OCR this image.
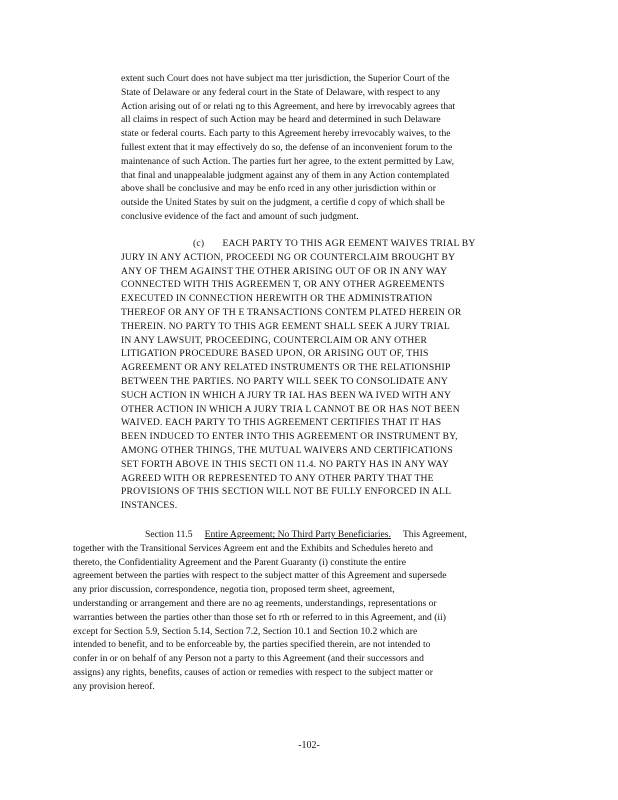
extent such Court does not have subject ma tter jurisdiction, the Superior Court of the
State of Delaware or any federal court in the State of Delaware, with respect to any
Action arising out of or relati ng to this Agreement, and here by irrevocably agrees that
all claims in respect of such Action may be heard and determined in such Delaware
state or federal courts. Each party to this Agreement hereby irrevocably waives, to the
fullest extent that it may effectively do so, the defense of an inconvenient forum to the
maintenance of such Action. The parties furt her agree, to the extent permitted by Law,
that final and unappealable judgment against any of them in any Action contemplated
above shall be conclusive and may be enfo rced in any other jurisdiction within or
outside the United States by suit on the judgment, a certifie d copy of which shall be
conclusive evidence of the fact and amount of such judgment.
(c) EACH PARTY TO THIS AGR EEMENT WAIVES TRIAL BY
JURY IN ANY ACTION, PROCEEDI NG OR COUNTERCLAIM BROUGHT BY
ANY OF THEM AGAINST THE OTHER ARISING OUT OF OR IN ANY WAY
CONNECTED WITH THIS AGREEMEN T, OR ANY OTHER AGREEMENTS
EXECUTED IN CONNECTION HEREWITH OR THE ADMINISTRATION
THEREOF OR ANY OF TH E TRANSACTIONS CONTEM PLATED HEREIN OR
THEREIN. NO PARTY TO THIS AGR EEMENT SHALL SEEK A JURY TRIAL
IN ANY LAWSUIT, PROCEEDING, COUNTERCLAIM OR ANY OTHER
LITIGATION PROCEDURE BASED UPON, OR ARISING OUT OF, THIS
AGREEMENT OR ANY RELATED INSTRUMENTS OR THE RELATIONSHIP
BETWEEN THE PARTIES. NO PARTY WILL SEEK TO CONSOLIDATE ANY
SUCH ACTION IN WHICH A JURY TR IAL HAS BEEN WA IVED WITH ANY
OTHER ACTION IN WHICH A JURY TRIA L CANNOT BE OR HAS NOT BEEN
WAIVED. EACH PARTY TO THIS AGREEMENT CERTIFIES THAT IT HAS
BEEN INDUCED TO ENTER INTO THIS AGREEMENT OR INSTRUMENT BY,
AMONG OTHER THINGS, THE MUTUAL WAIVERS AND CERTIFICATIONS
SET FORTH ABOVE IN THIS SECTI ON 11.4. NO PARTY HAS IN ANY WAY
AGREED WITH OR REPRESENTED TO ANY OTHER PARTY THAT THE
PROVISIONS OF THIS SECTION WILL NOT BE FULLY ENFORCED IN ALL
INSTANCES.
Section 11.5 Entire Agreement; No Third Party Beneficiaries. This Agreement,
together with the Transitional Services Agreem ent and the Exhibits and Schedules hereto and
thereto, the Confidentiality Agreement and the Parent Guaranty (i) constitute the entire
agreement between the parties with respect to the subject matter of this Agreement and supersede
any prior discussion, correspondence, negotia tion, proposed term sheet, agreement,
understanding or arrangement and there are no ag reements, understandings, representations or
warranties between the parties other than those set fo rth or referred to in this Agreement, and (ii)
except for Section 5.9, Section 5.14, Section 7.2, Section 10.1 and Section 10.2 which are
intended to benefit, and to be enforceable by, the parties specified therein, are not intended to
confer in or on behalf of any Person not a party to this Agreement (and their successors and
assigns) any rights, benefits, causes of action or remedies with respect to the subject matter or
any provision hereof.
-102-
